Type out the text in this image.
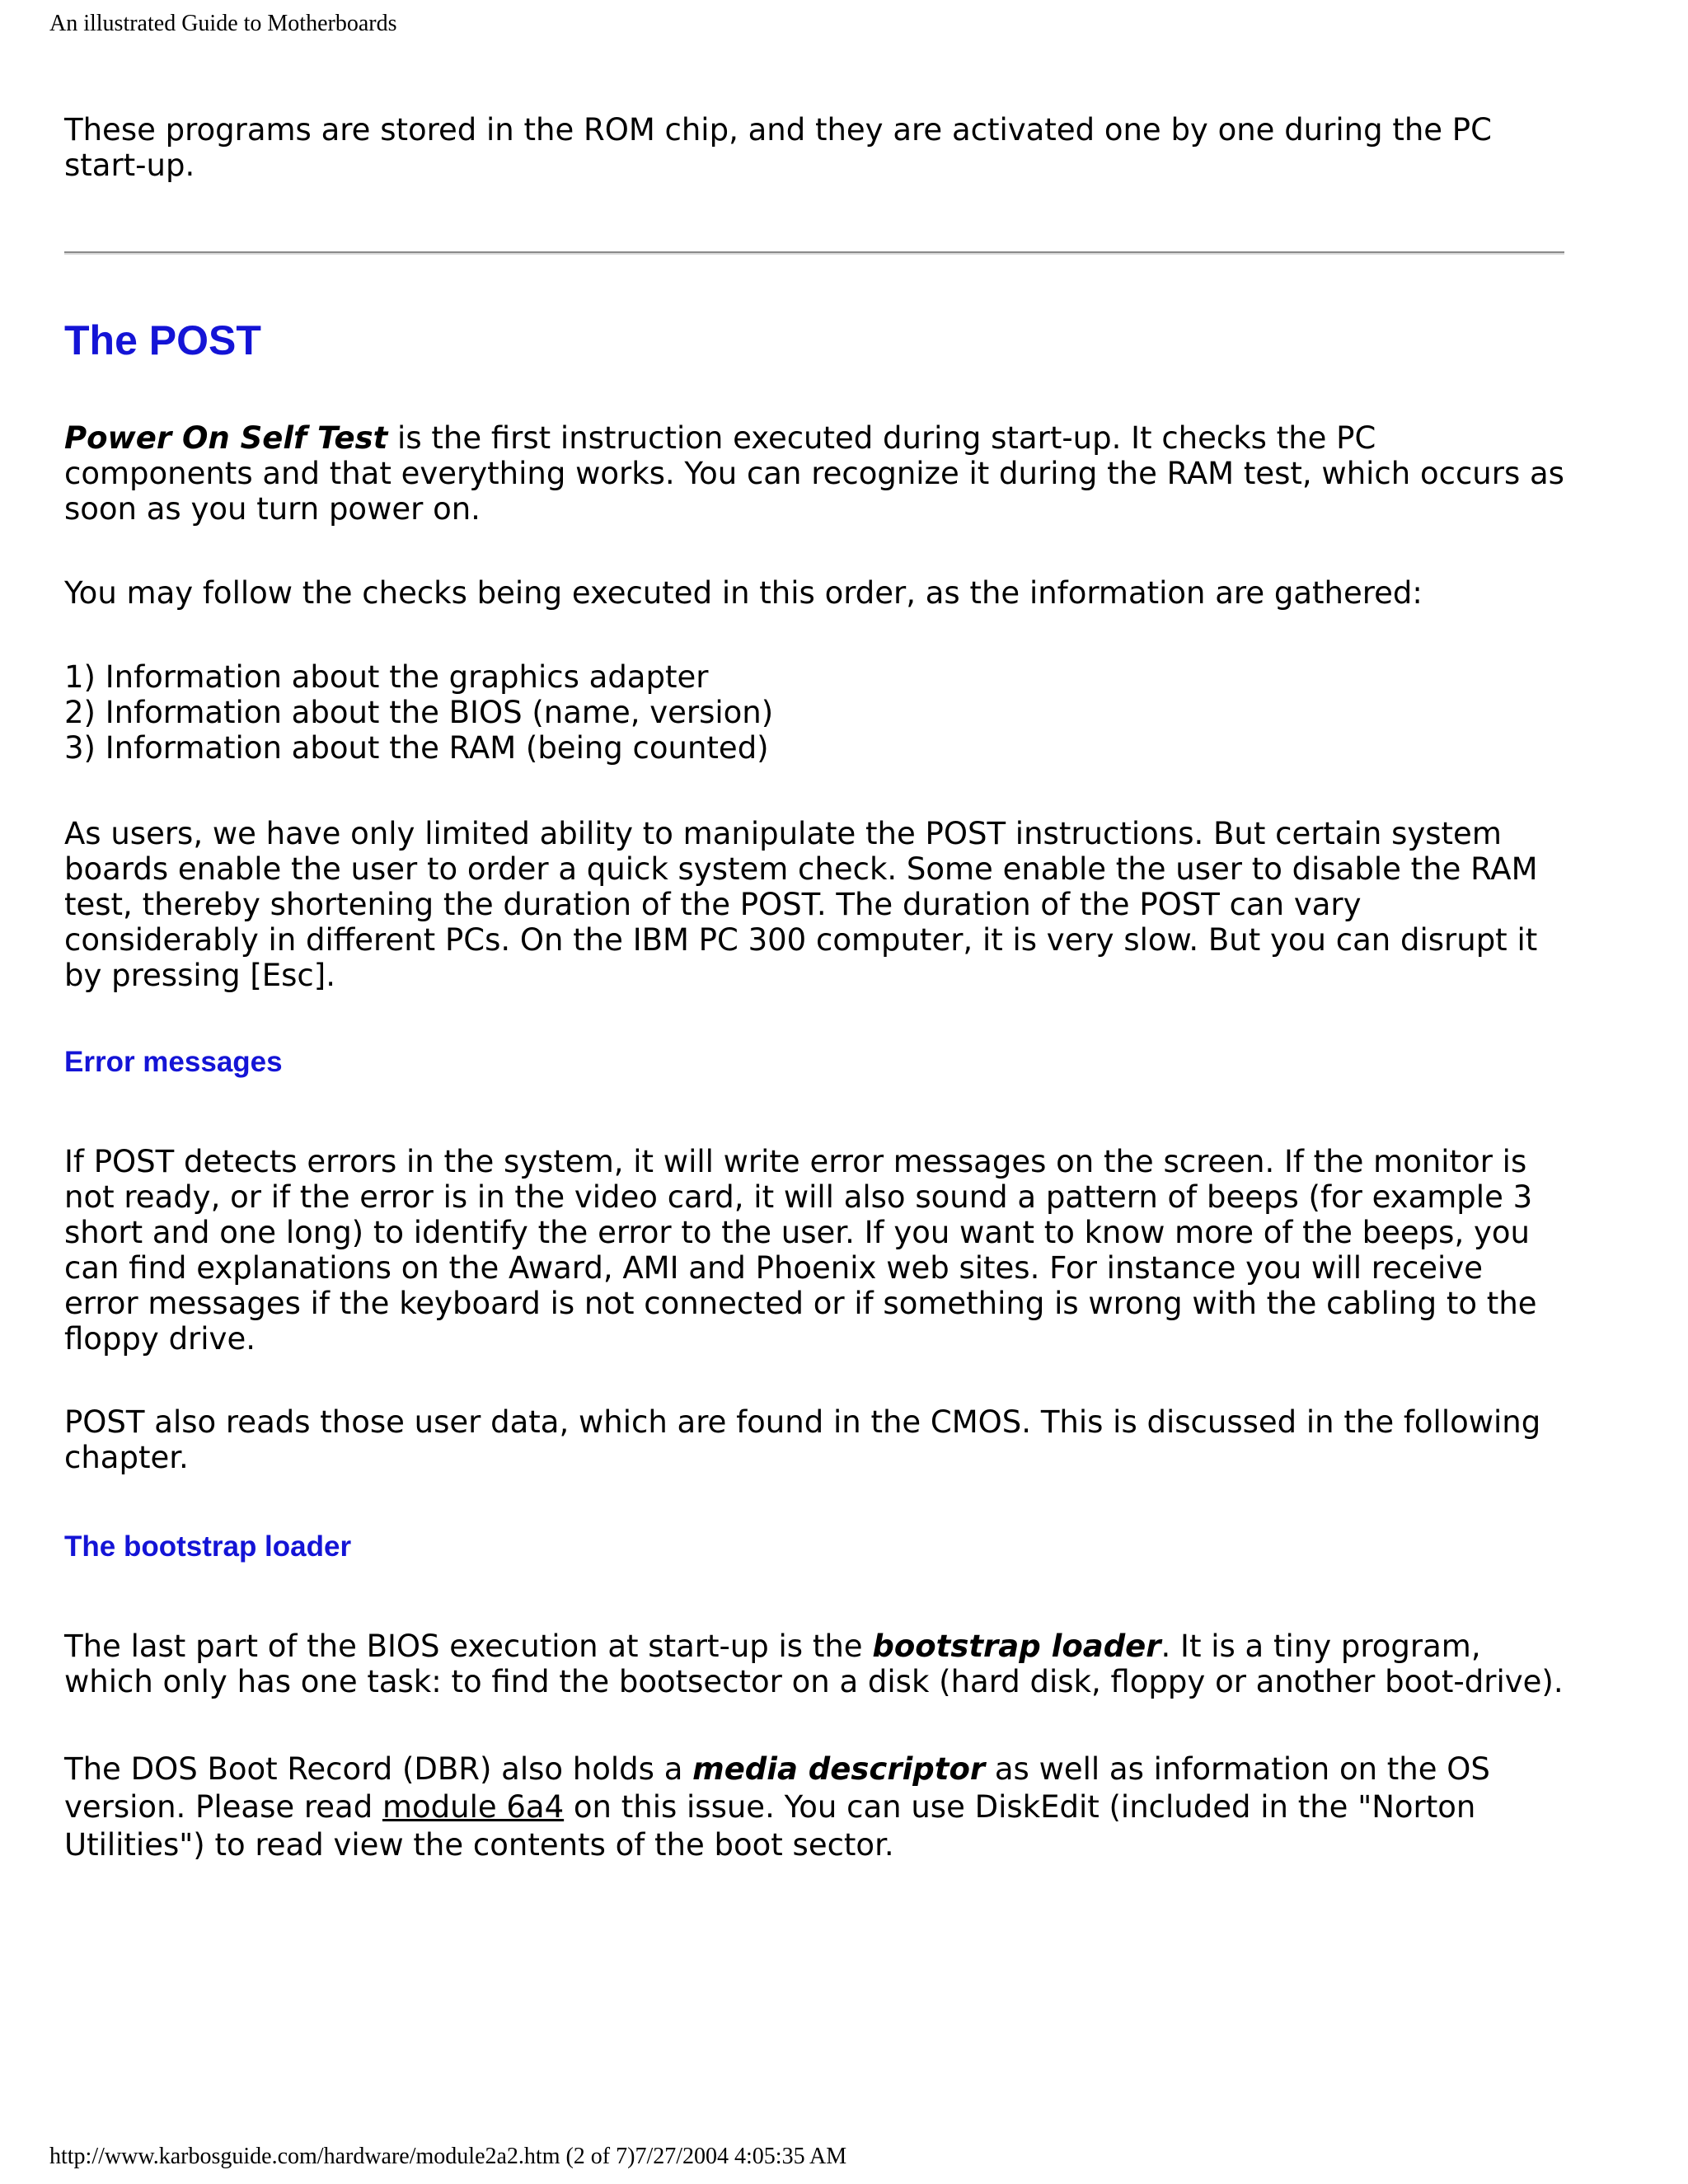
An illustrated Guide to Motherboards

These programs are stored in the ROM chip, and they are activated one by one during the PC start-up.

The POST

Power On Self Test is the first instruction executed during start-up. It checks the PC components and that everything works. You can recognize it during the RAM test, which occurs as soon as you turn power on.

You may follow the checks being executed in this order, as the information are gathered:

1) Information about the graphics adapter
2) Information about the BIOS (name, version)
3) Information about the RAM (being counted)

As users, we have only limited ability to manipulate the POST instructions. But certain system boards enable the user to order a quick system check. Some enable the user to disable the RAM test, thereby shortening the duration of the POST. The duration of the POST can vary considerably in different PCs. On the IBM PC 300 computer, it is very slow. But you can disrupt it by pressing [Esc].

Error messages

If POST detects errors in the system, it will write error messages on the screen. If the monitor is not ready, or if the error is in the video card, it will also sound a pattern of beeps (for example 3 short and one long) to identify the error to the user. If you want to know more of the beeps, you can find explanations on the Award, AMI and Phoenix web sites. For instance you will receive error messages if the keyboard is not connected or if something is wrong with the cabling to the floppy drive.

POST also reads those user data, which are found in the CMOS. This is discussed in the following chapter.

The bootstrap loader

The last part of the BIOS execution at start-up is the bootstrap loader. It is a tiny program, which only has one task: to find the bootsector on a disk (hard disk, floppy or another boot-drive).

The DOS Boot Record (DBR) also holds a media descriptor as well as information on the OS version. Please read module 6a4 on this issue. You can use DiskEdit (included in the "Norton Utilities") to read view the contents of the boot sector.

http://www.karbosguide.com/hardware/module2a2.htm (2 of 7)7/27/2004 4:05:35 AM
